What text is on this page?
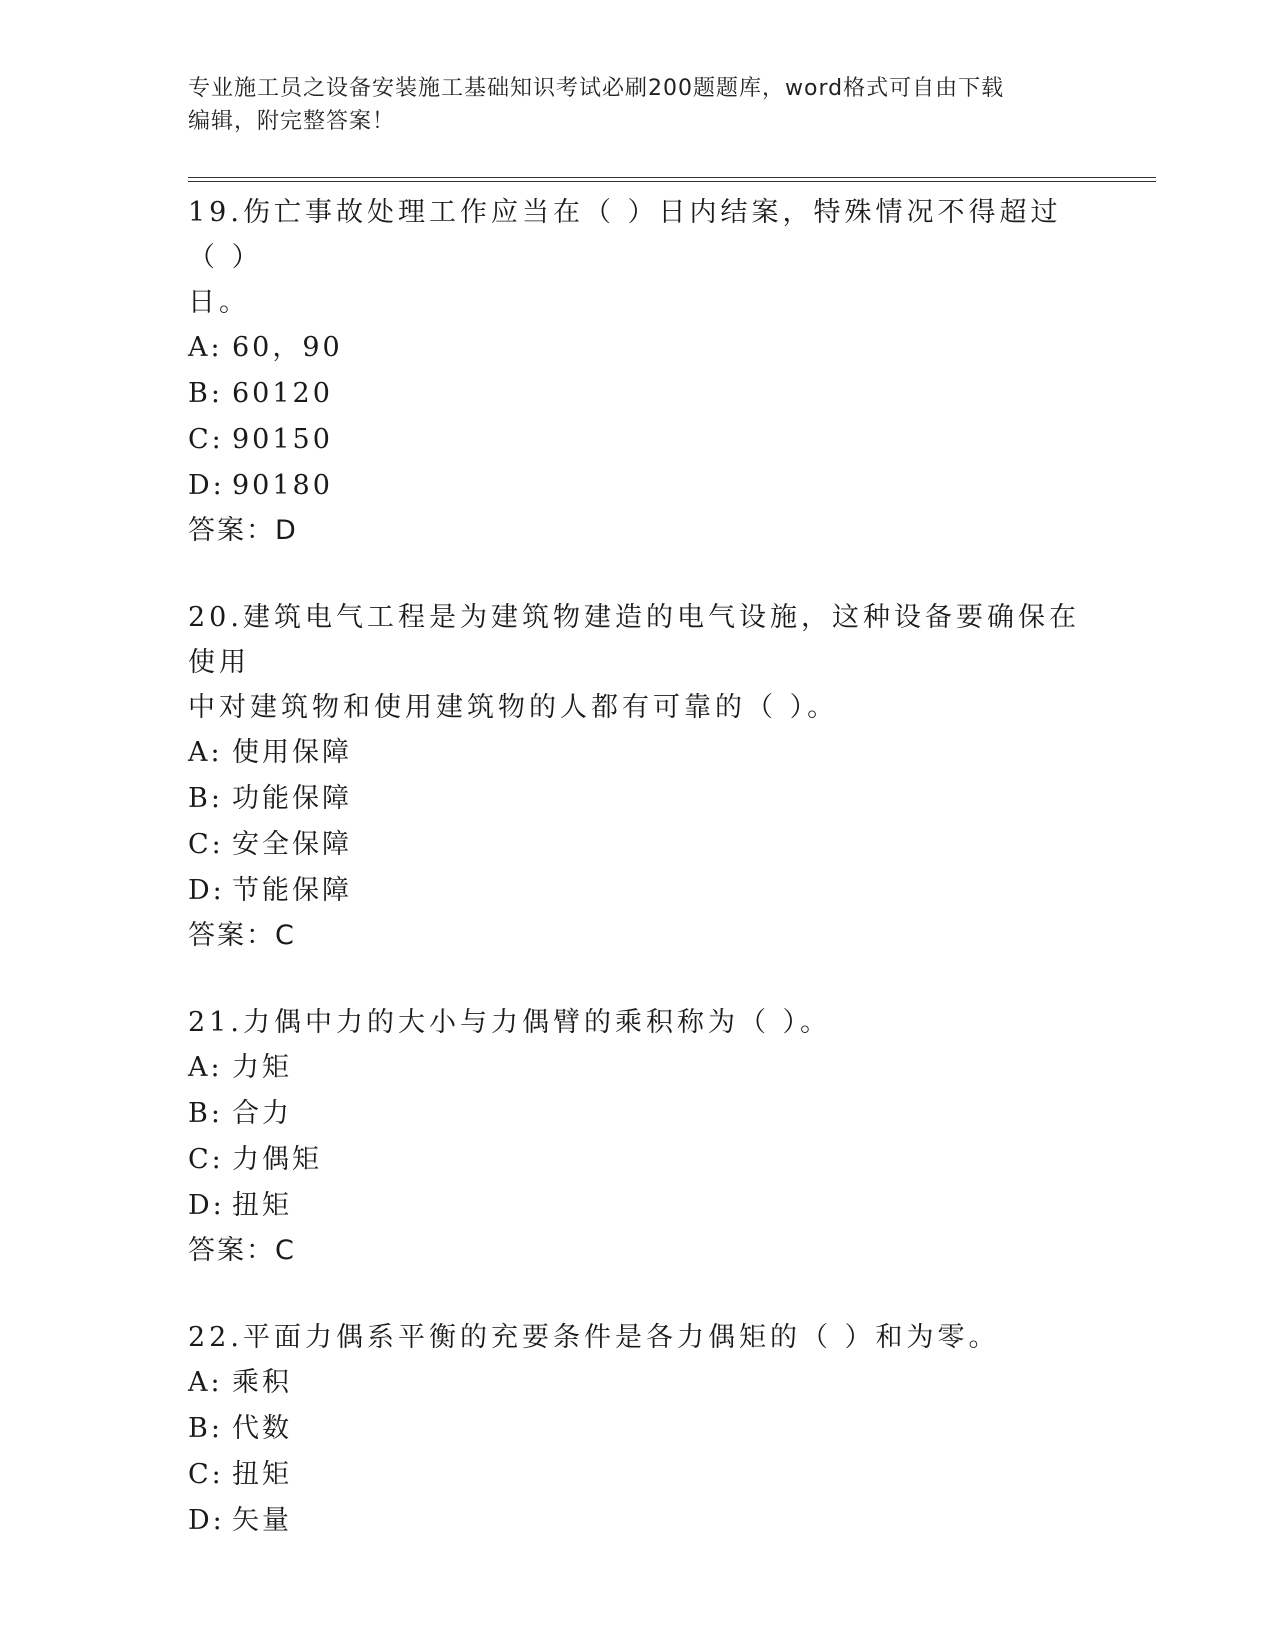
专业施工员之设备安装施工基础知识考试必刷200题题库，word格式可自由下载
编辑，附完整答案！

19.伤亡事故处理工作应当在（ ）日内结案，特殊情况不得超过（ ）

日。

A: 60，90

B: 60120

C: 90150

D: 90180

答案：D

20.建筑电气工程是为建筑物建造的电气设施，这种设备要确保在使用

中对建筑物和使用建筑物的人都有可靠的（ ）。

A: 使用保障

B: 功能保障

C: 安全保障

D: 节能保障

答案：C

21.力偶中力的大小与力偶臂的乘积称为（ ）。

A: 力矩

B: 合力

C: 力偶矩

D: 扭矩

答案：C

22.平面力偶系平衡的充要条件是各力偶矩的（ ）和为零。

A: 乘积

B: 代数

C: 扭矩

D: 矢量
